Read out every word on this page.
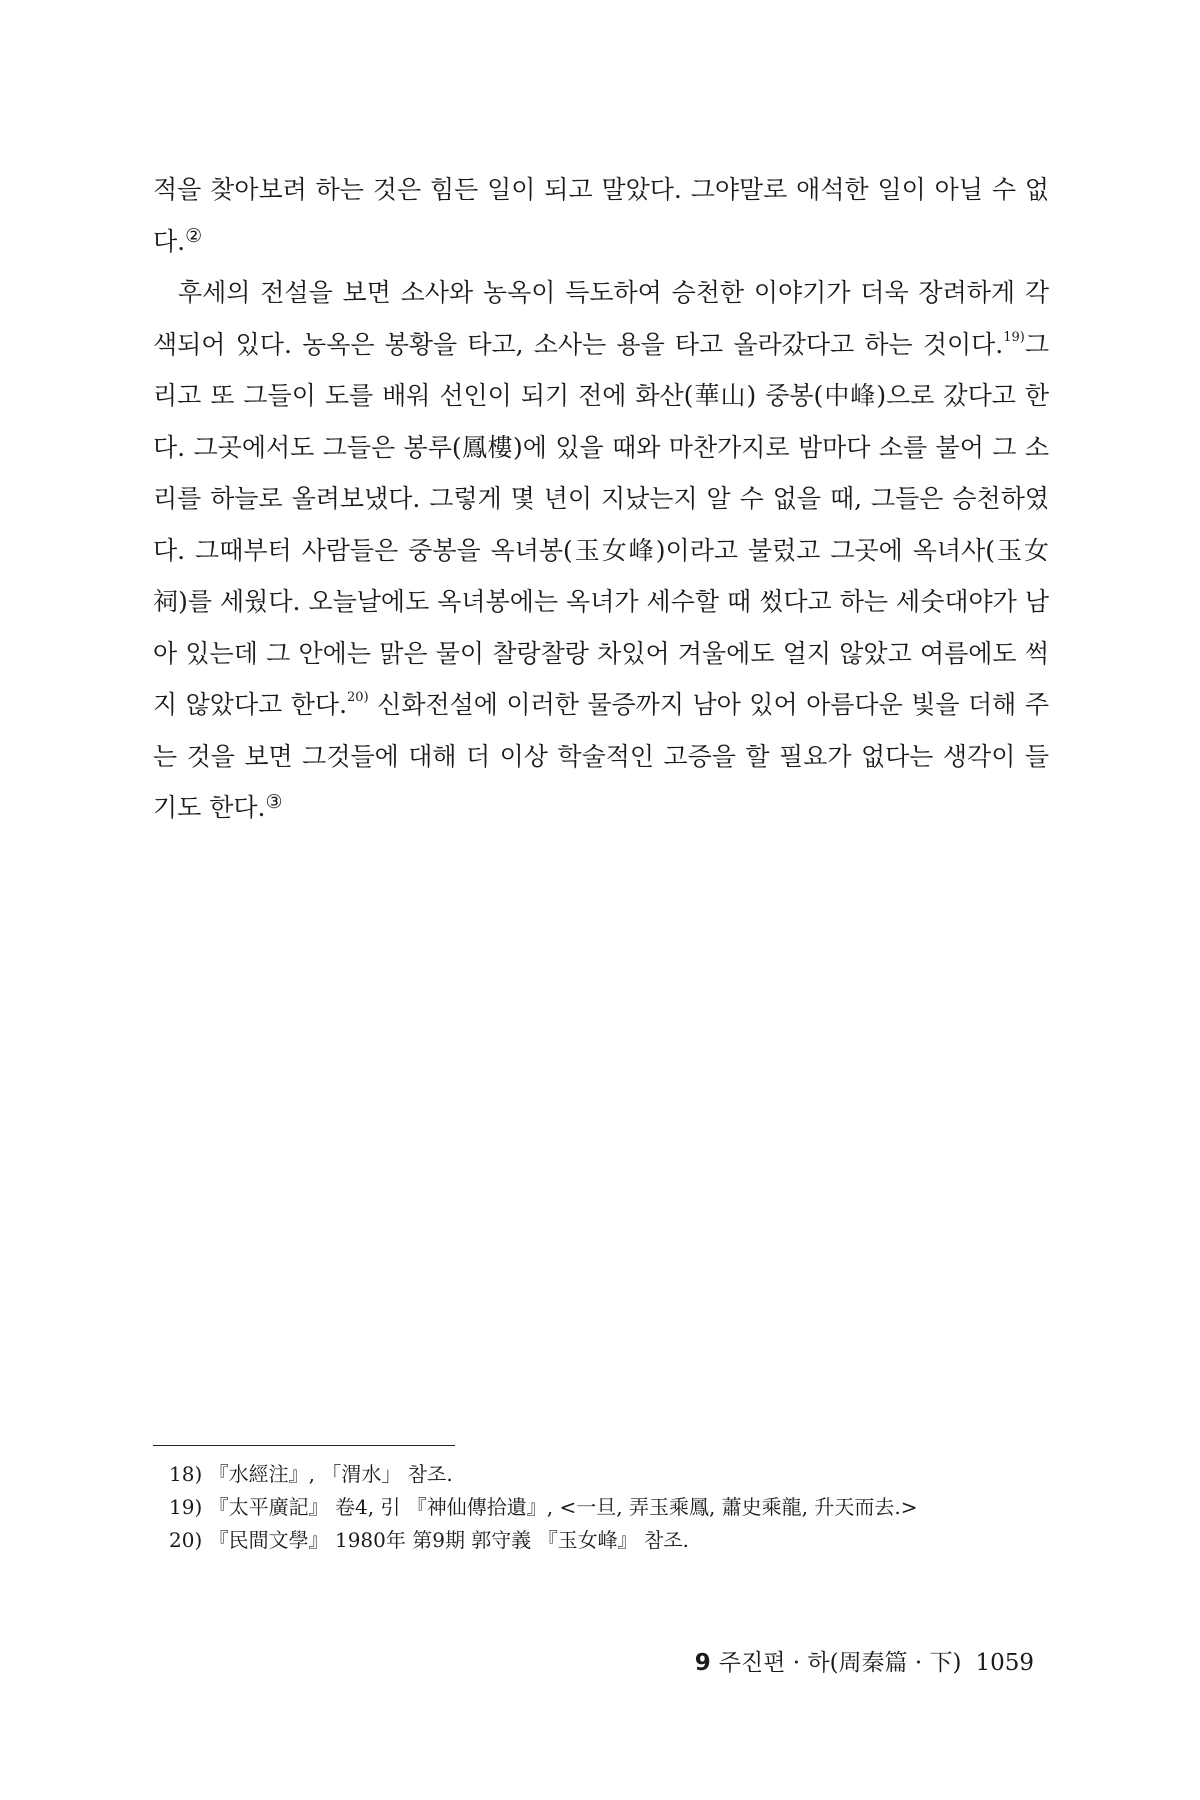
적을 찾아보려 하는 것은 힘든 일이 되고 말았다. 그야말로 애석한 일이 아닐 수 없다.②

후세의 전설을 보면 소사와 농옥이 득도하여 승천한 이야기가 더욱 장려하게 각색되어 있다. 농옥은 봉황을 타고, 소사는 용을 타고 올라갔다고 하는 것이다.$^{19)}$그리고 또 그들이 도를 배워 선인이 되기 전에 화산(華山) 중봉(中峰)으로 갔다고 한다. 그곳에서도 그들은 봉루(鳳樓)에 있을 때와 마찬가지로 밤마다 소를 불어 그 소리를 하늘로 올려보냈다. 그렇게 몇 년이 지났는지 알 수 없을 때, 그들은 승천하였다. 그때부터 사람들은 중봉을 옥녀봉(玉女峰)이라고 불렀고 그곳에 옥녀사(玉女祠)를 세웠다. 오늘날에도 옥녀봉에는 옥녀가 세수할 때 썼다고 하는 세숫대야가 남아 있는데 그 안에는 맑은 물이 찰랑찰랑 차있어 겨울에도 얼지 않았고 여름에도 썩지 않았다고 한다.$^{20)}$ 신화전설에 이러한 물증까지 남아 있어 아름다운 빛을 더해 주는 것을 보면 그것들에 대해 더 이상 학술적인 고증을 할 필요가 없다는 생각이 들기도 한다.③

18) 『水經注』, 「渭水」 참조.
19) 『太平廣記』 卷4, 引 『神仙傳拾遺』, <一旦, 弄玉乘鳳, 蕭史乘龍, 升天而去.>
20) 『民間文學』 1980年 第9期 郭守義 『玉女峰』 참조.
9 주진편 · 하(周秦篇 · 下) 1059
